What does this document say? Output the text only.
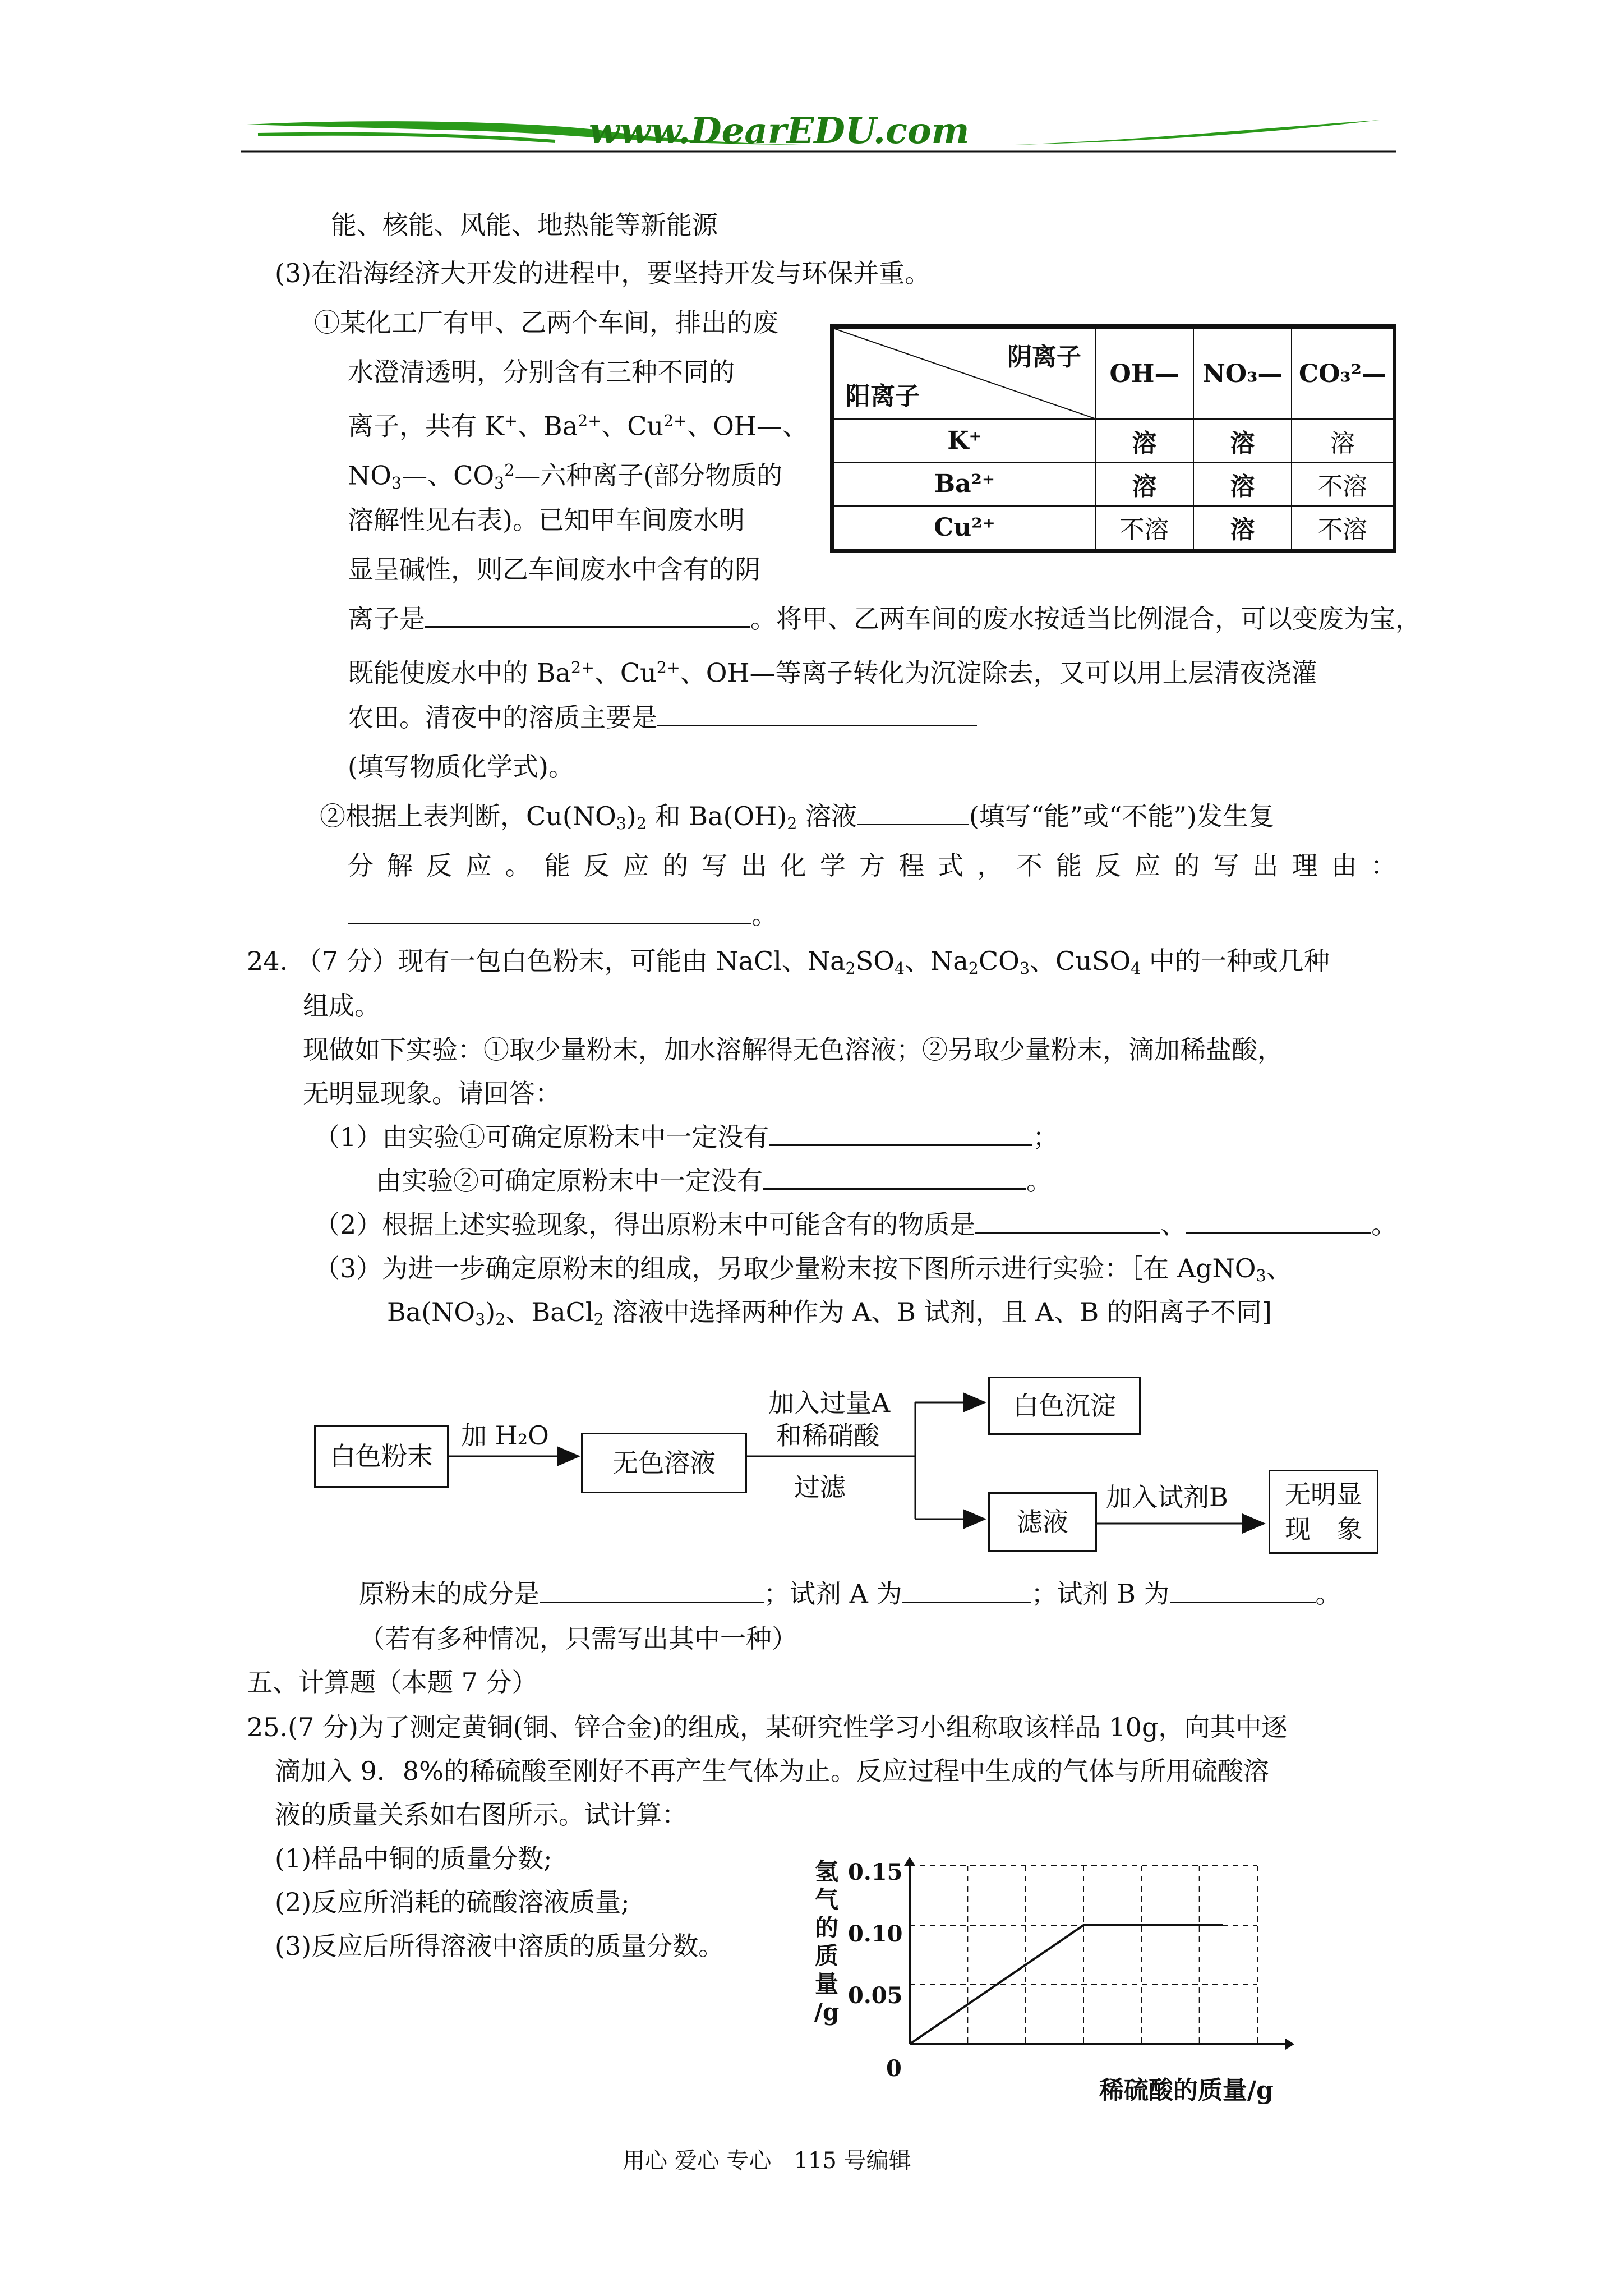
www.DearEDU.com
能、核能、风能、地热能等新能源
(3)在沿海经济大开发的进程中，要坚持开发与环保并重。
①某化工厂有甲、乙两个车间，排出的废
水澄清透明，分别含有三种不同的
离子，共有 K+、$Ba^{2+}$、$Cu^{2+}$、OH—、
$NO_3—$、$CO_3^2—$六种离子(部分物质的
溶解性见右表)。已知甲车间废水明
显呈碱性，则乙车间废水中含有的阴
离子是	。将甲、乙两车间的废水按适当比例混合，可以变废为宝，
既能使废水中的 $Ba^{2+}$、$Cu^{2+}$、OH—等离子转化为沉淀除去，又可以用上层清夜浇灌
农田。清夜中的溶质主要是
(填写物质化学式)。
②根据上表判断，$Cu(NO_3)_2$ 和 $Ba(OH)_2$ 溶液	(填写“能”或“不能”)发生复
分解反应。能反应的写出化学方程式，不能反应的写出理由：
。
阴离子
阳离子	OH—	NO₃—	CO₃²—
K⁺	溶	溶	溶
Ba²⁺	溶	溶	不溶
Cu²⁺	不溶	溶	不溶
24. （7 分）现有一包白色粉末，可能由 NaCl、$Na_2SO_4$、$Na_2CO_3$、CuSO$_4$ 中的一种或几种
组成。
现做如下实验：①取少量粉末，加水溶解得无色溶液；②另取少量粉末，滴加稀盐酸，
无明显现象。请回答：
（1）由实验①可确定原粉末中一定没有	；
由实验②可确定原粉末中一定没有	。
（2）根据上述实验现象，得出原粉末中可能含有的物质是	、	。
（3）为进一步确定原粉末的组成，另取少量粉末按下图所示进行实验：［在 AgNO$_3$、
$Ba(NO_3)_2$、BaCl$_2$ 溶液中选择两种作为 A、B 试剂，且 A、B 的阳离子不同]
白色粉末
加 H₂O
无色溶液
加入过量A
和稀硝酸
过滤
白色沉淀
滤液
加入试剂B 无明显
现　象
原粉末的成分是	；试剂 A 为	；试剂 B 为	。
（若有多种情况，只需写出其中一种）
五、计算题（本题 7 分）
25.(7 分)为了测定黄铜(铜、锌合金)的组成，某研究性学习小组称取该样品 10g，向其中逐
滴加入 9．8%的稀硫酸至刚好不再产生气体为止。反应过程中生成的气体与所用硫酸溶
液的质量关系如右图所示。试计算：
(1)样品中铜的质量分数;
(2)反应所消耗的硫酸溶液质量;
(3)反应后所得溶液中溶质的质量分数。
氢
气
的
质
量
/g
0.15
0.10
0.05
0
稀硫酸的质量/g
用心 爱心 专心　115 号编辑
